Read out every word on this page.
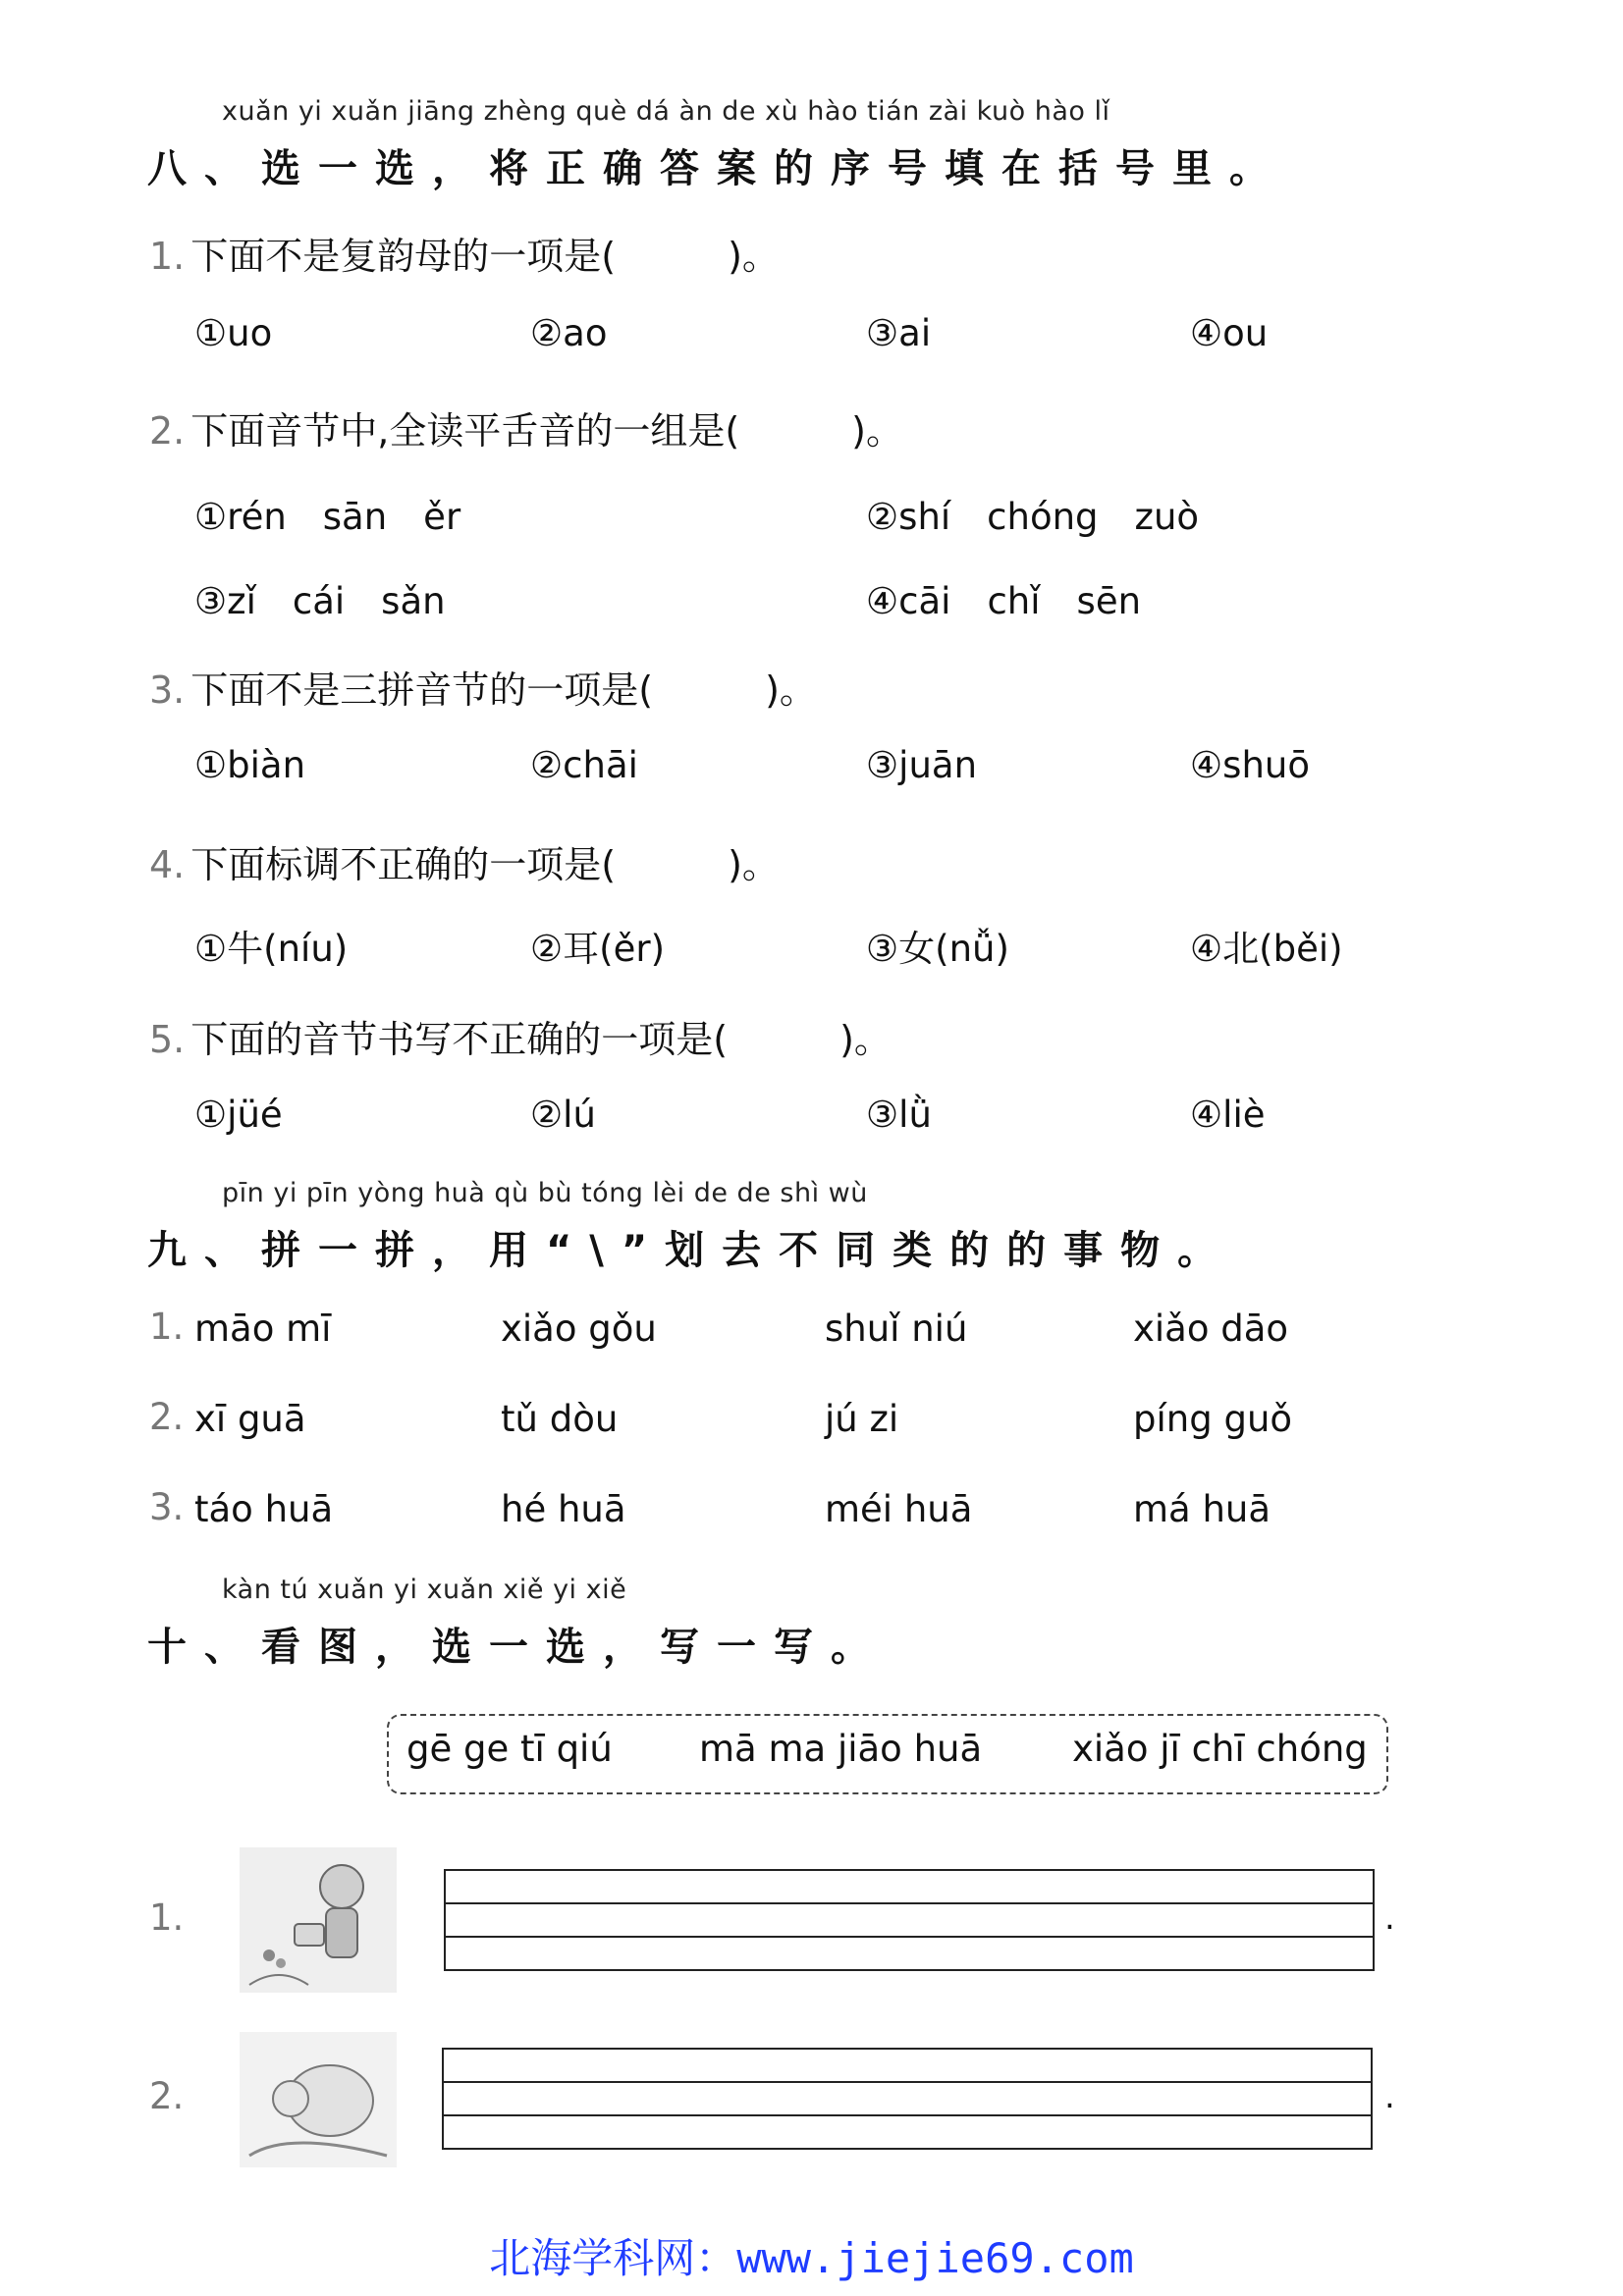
xuǎn yi xuǎn jiāng zhèng què dá àn de xù hào tián zài kuò hào lǐ
八、选一选，将正确答案的序号填在括号里。
1. 下面不是复韵母的一项是(　　　)。
①uo	②ao	③ai	④ou
2. 下面音节中,全读平舌音的一组是(　　　)。
①rén　sān　ěr	②shí　chóng　zuò
③zǐ　cái　sǎn	④cāi　chǐ　sēn
3. 下面不是三拼音节的一项是(　　　)。
①biàn	②chāi	③juān	④shuō
4. 下面标调不正确的一项是(　　　)。
①牛(níu)	②耳(ěr)	③女(nǚ)	④北(běi)
5. 下面的音节书写不正确的一项是(　　　)。
①jüé	②lú	③lǜ	④liè
pīn yi pīn yòng huà qù bù tóng lèi de de shì wù
九、拼一拼，用“\”划去不同类的的事物。
1. māo mī	xiǎo gǒu	shuǐ niú	xiǎo dāo
2. xī guā	tǔ dòu	jú zi	píng guǒ
3. táo huā	hé huā	méi huā	má huā
kàn tú xuǎn yi xuǎn xiě yi xiě
十、看图，选一选，写一写。
gē ge tī qiú mā ma jiāo huā xiǎo jī chī chóng
1.	.
2.	.
北海学科网：www.jiejie69.com
